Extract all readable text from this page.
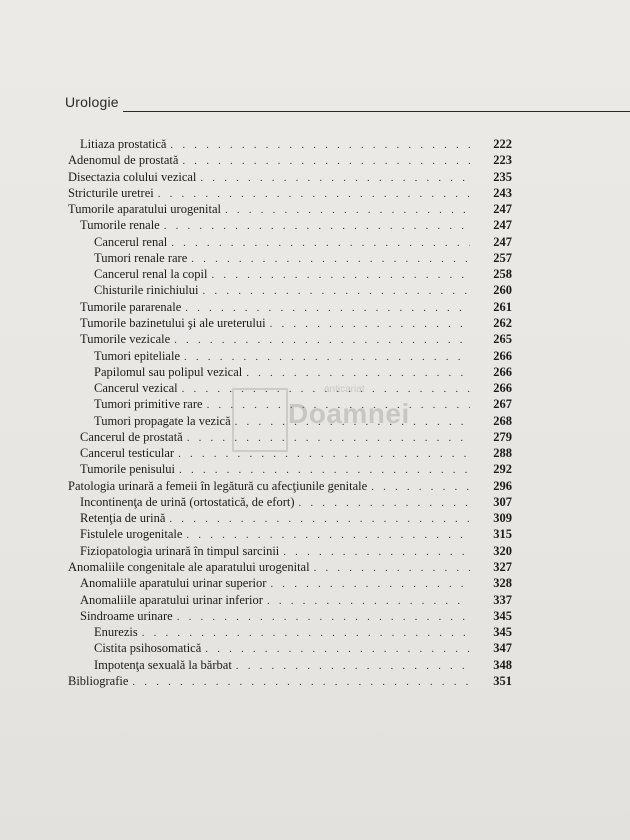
Urologie
Litiaza prostatică . . .	222
Adenomul de prostată . . .	223
Disectazia colului vezical . . .	235
Stricturile uretrei . . .	243
Tumorile aparatului urogenital . . .	247
Tumorile renale . . .	247
Cancerul renal . . .	247
Tumori renale rare . . .	257
Cancerul renal la copil . . .	258
Chisturile rinichiului . . .	260
Tumorile pararenale . . .	261
Tumorile bazinetului şi ale ureterului . . .	262
Tumorile vezicale . . .	265
Tumori epiteliale . . .	266
Papilomul sau polipul vezical . . .	266
Cancerul vezical . . .	266
Tumori primitive rare . . .	267
Tumori propagate la vezică . . .	268
Cancerul de prostată . . .	279
Cancerul testicular . . .	288
Tumorile penisului . . .	292
Patologia urinară a femeii în legătură cu afecţiunile genitale . . .	296
Incontinenţa de urină (ortostatică, de efort) . . .	307
Retenţia de urină . . .	309
Fistulele urogenitale . . .	315
Fiziopatologia urinară în timpul sarcinii . . .	320
Anomaliile congenitale ale aparatului urogenital . . .	327
Anomaliile aparatului urinar superior . . .	328
Anomaliile aparatului urinar inferior . . .	337
Sindroame urinare . . .	345
Enurezis . . .	345
Cistita psihosomatică . . .	347
Impotenţa sexuală la bărbat . . .	348
Bibliografie . . .	351
anticariat
Doamnei
